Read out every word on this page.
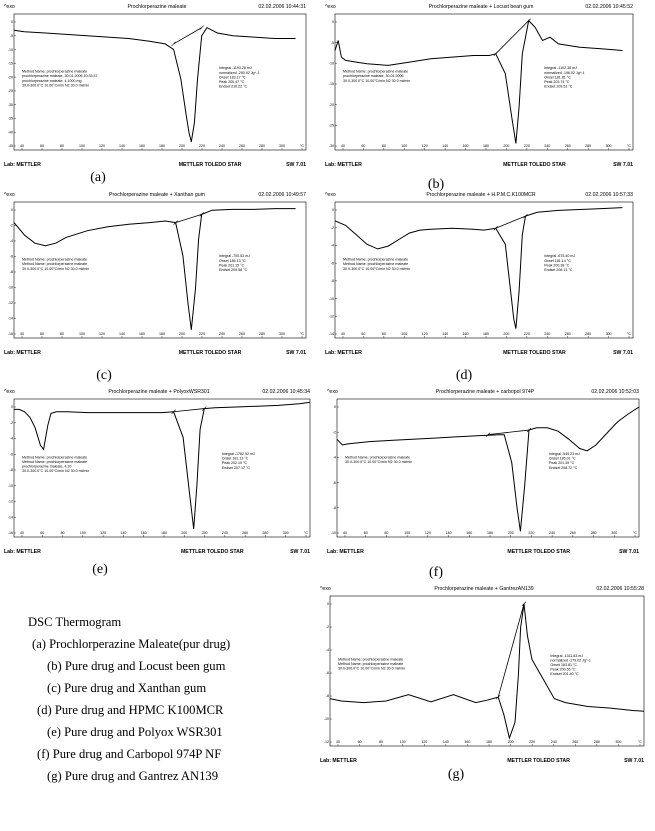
^exo	Prochlorperazine maleate	02.02.2006 10:44:31
0
-5
-10
-15
-20
-25
-30
-35
-40
-45 40	60	80	100	120	140	160	180	200	220	240	260	280	300	°C
Method Name: prochlorperazine maleate
prochlorperazine maleate, 30.01.2006 10:33:37
prochlorperazine maleate, 4.1000 mg
30.0-300.0°C 10.00°C/min N2 30.0 ml/min
Integral -1193.28 mJ
normalized -290.92 Jg^-1
Onset 183.17 °C
Peak 200.47 °C
Endset 210.22 °C
Lab: METTLER	METTLER TOLEDO STAR	SW 7.01
^exo	Prochlorperazine maleate + Locust bean gum	02.02.2006 10:45:52
0
-5
-10
-15
-20
-25
-30 40	60	80	100	120	140	160	180	200	220	240	260	280	300	°C
Method Name: prochlorperazine maleate
prochlorperazine maleate, 30.01.2006
30.0-300.0°C 10.00°C/min N2 30.0 ml/min
Integral -1102.38 mJ
normalized -196.02 Jg^-1
Onset 181.81 °C
Peak 203.74 °C
Endset 209.51 °C
Lab: METTLER	METTLER TOLEDO STAR	SW 7.01
^exo	Prochlorperazine maleate + Xanthan gum	02.02.2006 10:49:57
0
-2
-4
-6
-8
-10
-12
-14
-16 40	60	80	100	120	140	160	180	200	220	240	260	280	300	°C
Method Name: prochlorperazine maleate
Method Name: prochlorperazine maleate
30.0-300.0°C 10.00°C/min N2 30.0 ml/min
Integral -700.53 mJ
Onset 185.13 °C
Peak 201.15 °C
Endset 209.58 °C
Lab: METTLER	METTLER TOLEDO STAR	SW 7.01
^exo	Prochlorperazine maleate + H.P.M.C.K100MCR	02.02.2006 10:57:33
0
-2
-4
-6
-8
-10
-12
-14 40	60	80	100	120	140	160	180	200	220	240	260	280	300	°C
Method Name: prochlorperazine maleate
Method Name: prochlorperazine maleate
30.0-300.0°C 10.00°C/min N2 30.0 ml/min
Integral -675.40 mJ
Onset 181.14 °C
Peak 200.38 °C
Endset 208.13 °C
Lab: METTLER	METTLER TOLEDO STAR	SW 7.01
^exo	Prochlorperazine maleate + PolyoxWSR301	02.02.2006 10:45:34
0
-2
-4
-6
-8
-10
-12
-14
-16 40	60	80	100	120	140	160	180	200	220	240	260	280	300	°C
Method Name: prochlorperazine maleate
Method Name: prochlorperazine maleate
prochlorperazine maleate, 4.20
30.0-300.0°C 10.00°C/min N2 30.0 ml/min
Integral -1782.52 mJ
Onset 181.13 °C
Peak 202.10 °C
Endset 207.17 °C
Lab: METTLER	METTLER TOLEDO STAR	SW 7.01
^exo	Prochlorperazine maleate + carbopol 974P	02.02.2006 10:52:03
0
-2
-4
-6
-8
-10 40	60	80	100	120	140	160	180	200	220	240	260	280	300	°C
Method Name: prochlorperazine maleate
30.0-300.0°C 10.00°C/min N2 30.0 ml/min
Integral -545.23 mJ
Onset 185.01 °C
Peak 201.39 °C
Endset 208.72 °C
Lab: METTLER	METTLER TOLEDO STAR	SW 7.01
^exo	Prochlorperazine maleate + GantrezAN139	02.02.2006 10:55:28
0
-2
-4
-6
-8
-10
-12 40	60	80	100	120	140	160	180	200	220	240	260	280	300	°C
Method Name: prochlorperazine maleate
Method Name: prochlorperazine maleate
30.0-300.0°C 10.00°C/min N2 30.0 ml/min
Integral -1311.83 mJ
normalized -179.02 Jg^-1
Onset 183.81 °C
Peak 200.55 °C
Endset 201.40 °C
Lab: METTLER	METTLER TOLEDO STAR	SW 7.01
(a)	(b)
(c)	(d)
(e)	(f)
(g)
DSC Thermogram
(a) Prochlorperazine Maleate(pur drug)
(b) Pure drug and Locust been gum
(c) Pure drug and Xanthan gum
(d) Pure drug and HPMC K100MCR
(e) Pure drug and Polyox WSR301
(f) Pure drug and Carbopol 974P NF
(g) Pure drug and Gantrez AN139
